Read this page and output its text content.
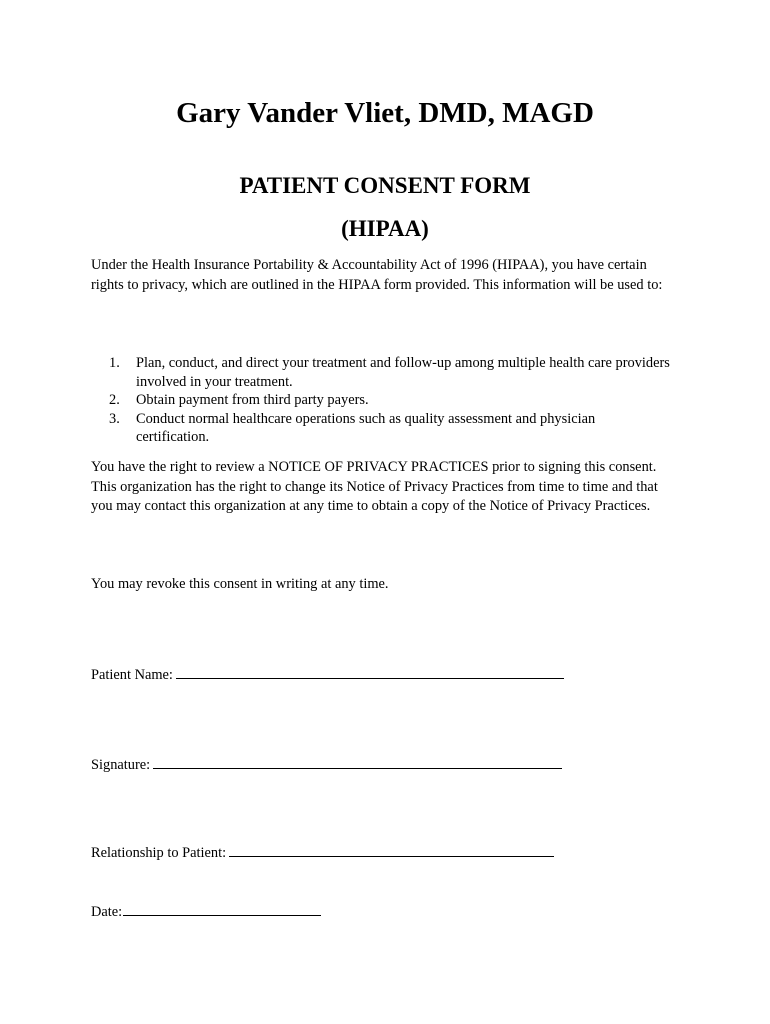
Gary Vander Vliet, DMD, MAGD
PATIENT CONSENT FORM
(HIPAA)

Under the Health Insurance Portability & Accountability Act of 1996 (HIPAA), you have certain rights to privacy, which are outlined in the HIPAA form provided. This information will be used to:

1. Plan, conduct, and direct your treatment and follow-up among multiple health care providers involved in your treatment.
2. Obtain payment from third party payers.
3. Conduct normal healthcare operations such as quality assessment and physician certification.

You have the right to review a NOTICE OF PRIVACY PRACTICES prior to signing this consent. This organization has the right to change its Notice of Privacy Practices from time to time and that you may contact this organization at any time to obtain a copy of the Notice of Privacy Practices.

You may revoke this consent in writing at any time.

Patient Name:
Signature:
Relationship to Patient:
Date:
